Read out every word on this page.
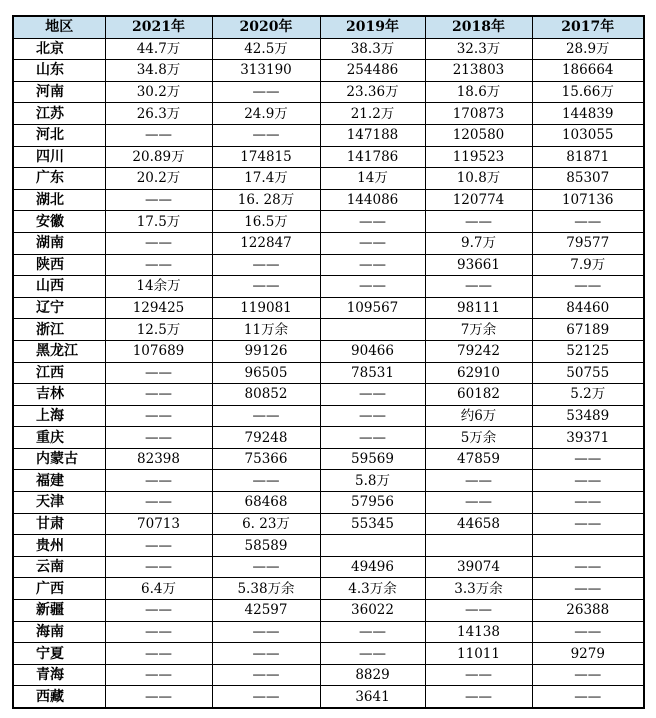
地区	2021年	2020年	2019年	2018年	2017年
北京	44.7万	42.5万	38.3万	32.3万	28.9万
山东	34.8万	313190	254486	213803	186664
河南	30.2万	——	23.36万	18.6万	15.66万
江苏	26.3万	24.9万	21.2万	170873	144839
河北	——	——	147188	120580	103055
四川	20.89万	174815	141786	119523	81871
广东	20.2万	17.4万	14万	10.8万	85307
湖北	——	16. 28万	144086	120774	107136
安徽	17.5万	16.5万	——	——	——
湖南	——	122847	——	9.7万	79577
陕西	——	——	——	93661	7.9万
山西	14余万	——	——	——	——
辽宁	129425	119081	109567	98111	84460
浙江	12.5万	11万余		7万余	67189
黑龙江	107689	99126	90466	79242	52125
江西	——	96505	78531	62910	50755
吉林	——	80852	——	60182	5.2万
上海	——	——	——	约6万	53489
重庆	——	79248	——	5万余	39371
内蒙古	82398	75366	59569	47859	——
福建	——	——	5.8万	——	——
天津	——	68468	57956	——	——
甘肃	70713	6. 23万	55345	44658	——
贵州	——	58589			
云南	——	——	49496	39074	——
广西	6.4万	5.38万余	4.3万余	3.3万余	——
新疆	——	42597	36022	——	26388
海南	——	——	——	14138	——
宁夏	——	——	——	11011	9279
青海	——	——	8829	——	——
西藏	——	——	3641	——	——
